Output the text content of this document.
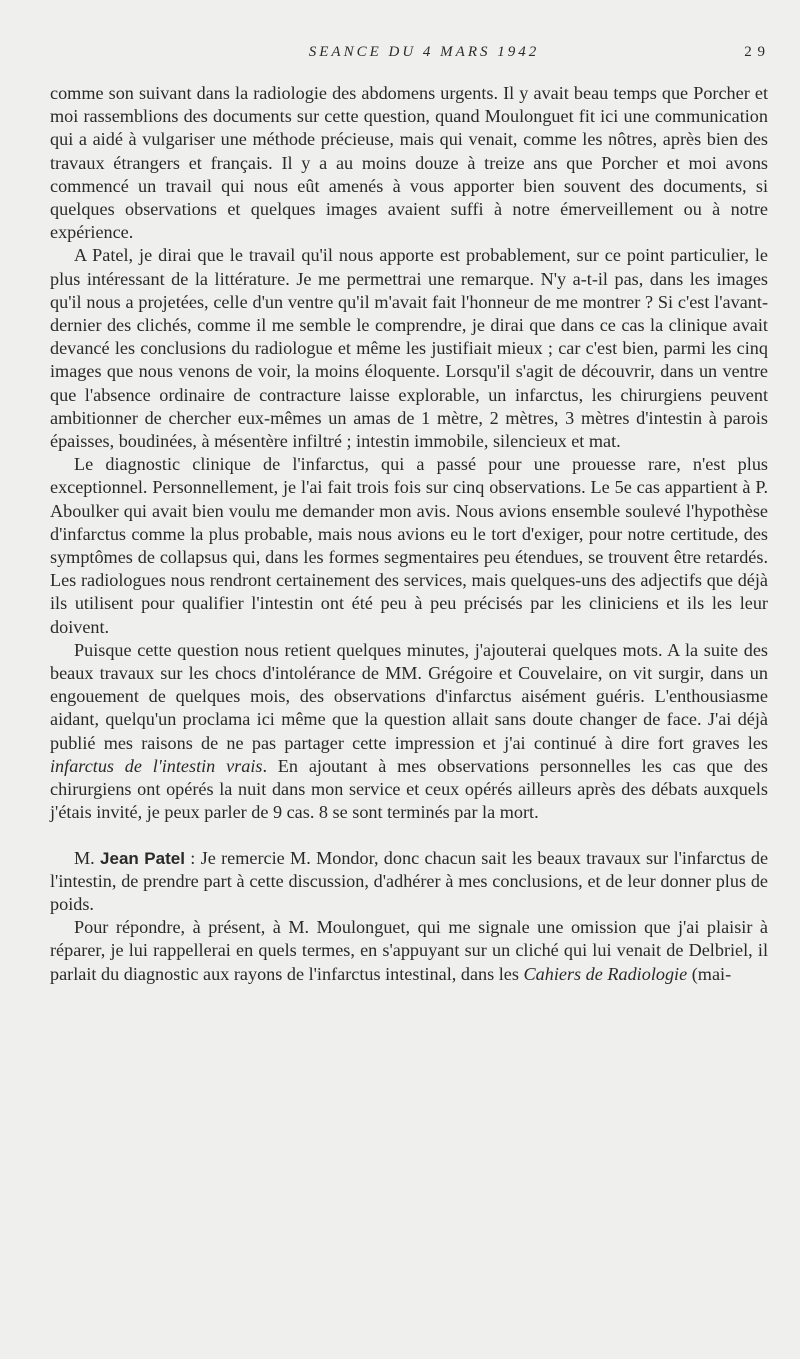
SEANCE DU 4 MARS 1942	2 9

comme son suivant dans la radiologie des abdomens urgents. Il y avait beau temps que Porcher et moi rassemblions des documents sur cette question, quand Moulonguet fit ici une communication qui a aidé à vulgariser une méthode précieuse, mais qui venait, comme les nôtres, après bien des travaux étrangers et français. Il y a au moins douze à treize ans que Porcher et moi avons commencé un travail qui nous eût amenés à vous apporter bien souvent des documents, si quelques observations et quelques images avaient suffi à notre émerveillement ou à notre expérience.

A Patel, je dirai que le travail qu'il nous apporte est probablement, sur ce point particulier, le plus intéressant de la littérature. Je me permettrai une remarque. N'y a-t-il pas, dans les images qu'il nous a projetées, celle d'un ventre qu'il m'avait fait l'honneur de me montrer ? Si c'est l'avant-dernier des clichés, comme il me semble le comprendre, je dirai que dans ce cas la clinique avait devancé les conclusions du radiologue et même les justifiait mieux ; car c'est bien, parmi les cinq images que nous venons de voir, la moins éloquente. Lorsqu'il s'agit de découvrir, dans un ventre que l'absence ordinaire de contracture laisse explorable, un infarctus, les chirurgiens peuvent ambitionner de chercher eux-mêmes un amas de 1 mètre, 2 mètres, 3 mètres d'intestin à parois épaisses, boudinées, à mésentère infiltré ; intestin immobile, silencieux et mat.

Le diagnostic clinique de l'infarctus, qui a passé pour une prouesse rare, n'est plus exceptionnel. Personnellement, je l'ai fait trois fois sur cinq observations. Le 5e cas appartient à P. Aboulker qui avait bien voulu me demander mon avis. Nous avions ensemble soulevé l'hypothèse d'infarctus comme la plus probable, mais nous avions eu le tort d'exiger, pour notre certitude, des symptômes de collapsus qui, dans les formes segmentaires peu étendues, se trouvent être retardés. Les radiologues nous rendront certainement des services, mais quelques-uns des adjectifs que déjà ils utilisent pour qualifier l'intestin ont été peu à peu précisés par les cliniciens et ils les leur doivent.

Puisque cette question nous retient quelques minutes, j'ajouterai quelques mots. A la suite des beaux travaux sur les chocs d'intolérance de MM. Grégoire et Couvelaire, on vit surgir, dans un engouement de quelques mois, des observations d'infarctus aisément guéris. L'enthousiasme aidant, quelqu'un proclama ici même que la question allait sans doute changer de face. J'ai déjà publié mes raisons de ne pas partager cette impression et j'ai continué à dire fort graves les infarctus de l'intestin vrais. En ajoutant à mes observations personnelles les cas que des chirurgiens ont opérés la nuit dans mon service et ceux opérés ailleurs après des débats auxquels j'étais invité, je peux parler de 9 cas. 8 se sont terminés par la mort.

M. Jean Patel : Je remercie M. Mondor, donc chacun sait les beaux travaux sur l'infarctus de l'intestin, de prendre part à cette discussion, d'adhérer à mes conclusions, et de leur donner plus de poids.

Pour répondre, à présent, à M. Moulonguet, qui me signale une omission que j'ai plaisir à réparer, je lui rappellerai en quels termes, en s'appuyant sur un cliché qui lui venait de Delbriel, il parlait du diagnostic aux rayons de l'infarctus intestinal, dans les Cahiers de Radiologie (mai-
